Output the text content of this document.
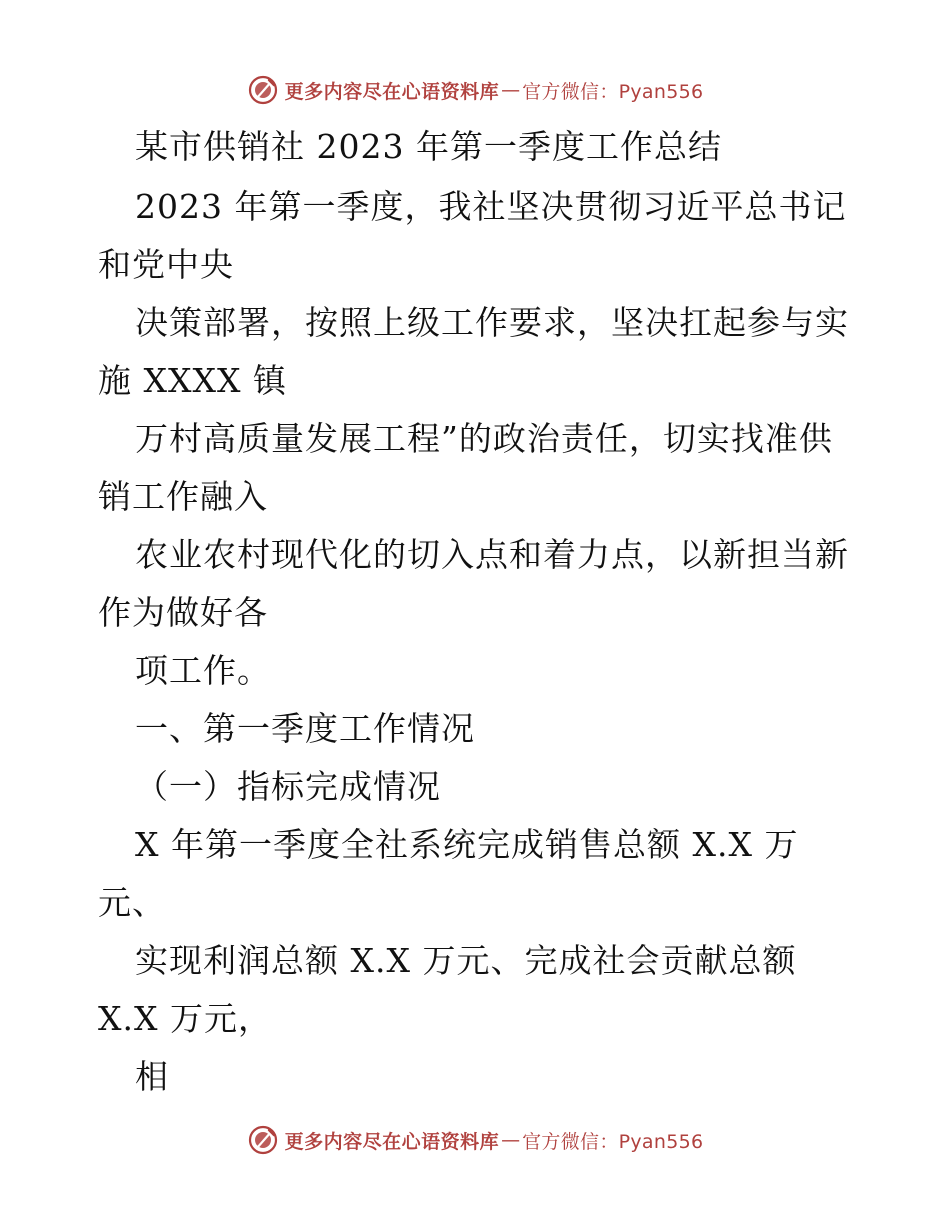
更多内容尽在心语资料库 — 官方微信：Pyan556
某市供销社 2023 年第一季度工作总结
2023 年第一季度，我社坚决贯彻习近平总书记
和党中央
决策部署，按照上级工作要求，坚决扛起参与实
施 XXXX 镇
万村高质量发展工程”的政治责任，切实找准供
销工作融入
农业农村现代化的切入点和着力点，以新担当新
作为做好各
项工作。
一、第一季度工作情况
（一）指标完成情况
X 年第一季度全社系统完成销售总额 X.X 万
元、
实现利润总额 X.X 万元、完成社会贡献总额
X.X 万元，
相
更多内容尽在心语资料库 — 官方微信：Pyan556
